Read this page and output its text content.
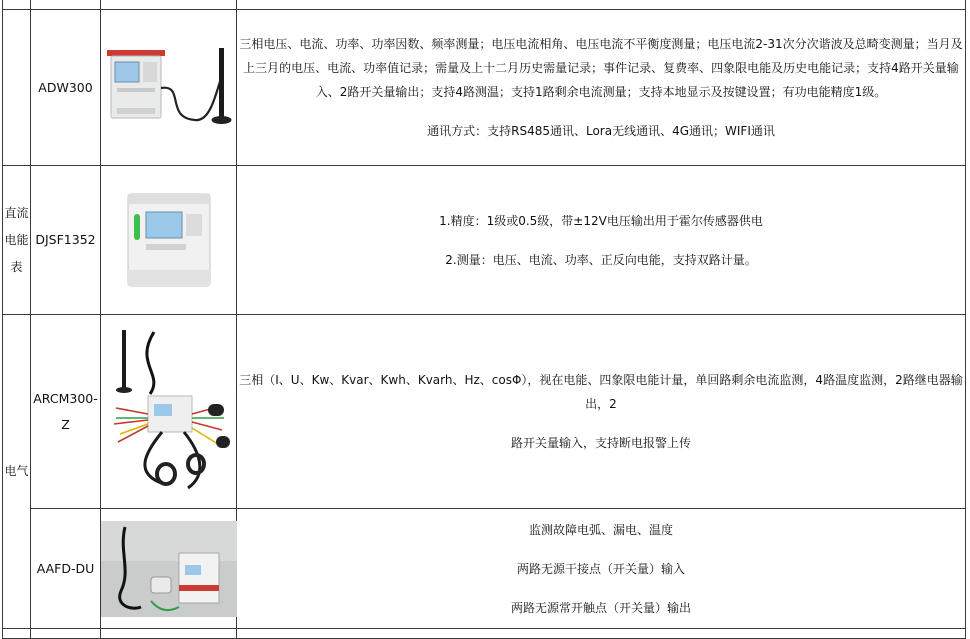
	ADW300		三相电压、电流、功率、功率因数、频率测量；电压电流相角、电压电流不平衡度测量；电压电流2-31次分次谐波及总畸变测量；当月及上三月的电压、电流、功率值记录；需量及上十二月历史需量记录；事件记录、复费率、四象限电能及历史电能记录；支持4路开关量输入、2路开关量输出；支持4路测温；支持1路剩余电流测量；支持本地显示及按键设置；有功电能精度1级。

通讯方式：支持RS485通讯、Lora无线通讯、4G通讯；WIFI通讯

直流电能表	DJSF1352		1.精度：1级或0.5级，带±12V电压输出用于霍尔传感器供电

2.测量：电压、电流、功率、正反向电能，支持双路计量。

电气	ARCM300-Z		三相（I、U、Kw、Kvar、Kwh、Kvarh、Hz、cosΦ），视在电能、四象限电能计量，单回路剩余电流监测，4路温度监测，2路继电器输出，2

路开关量输入，支持断电报警上传

	AAFD-DU		监测故障电弧、漏电、温度

两路无源干接点（开关量）输入

两路无源常开触点（开关量）输出
